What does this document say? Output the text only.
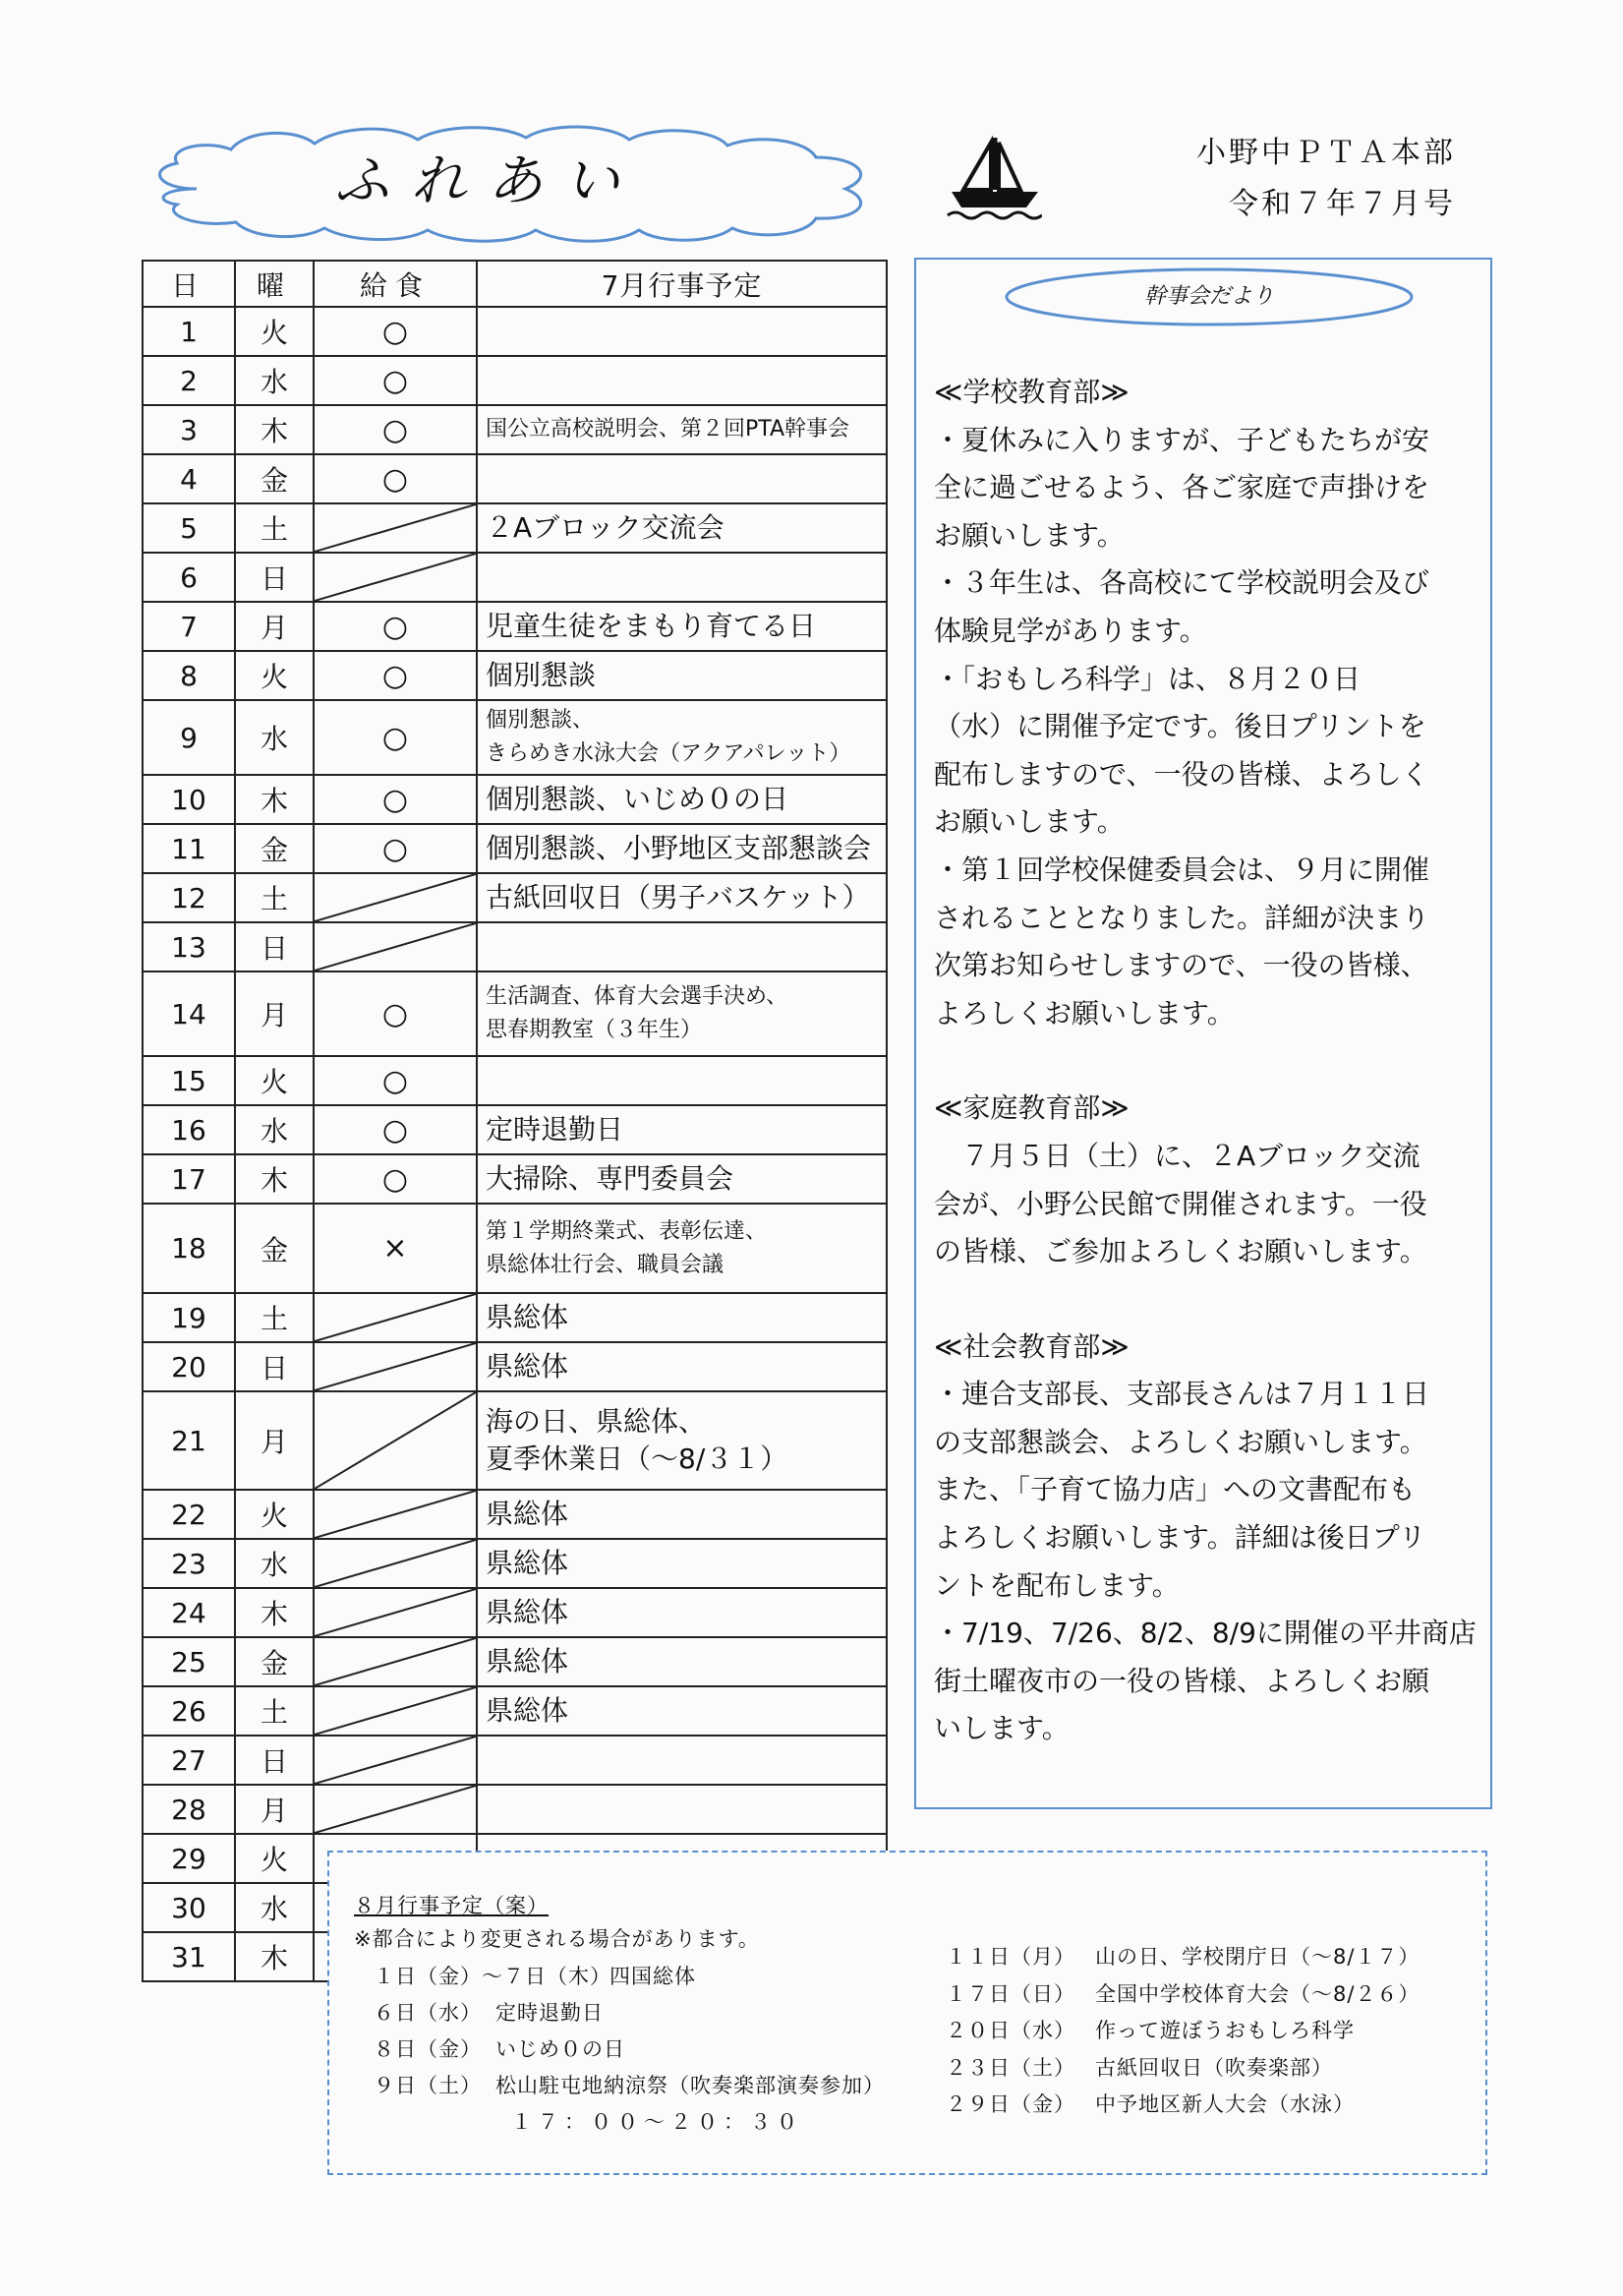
ふれあい	小野中ＰＴＡ本部
令和７年７月号
日	曜	給食	7月行事予定
1	火	○	
2	水	○	
3	木	○	国公立高校説明会、第２回PTA幹事会
4	金	○	
5	土		２Aブロック交流会
6	日	

7	月	○	児童生徒をまもり育てる日
8	火	○	個別懇談
9	水	○	個別懇談、
きらめき水泳大会（アクアパレット）
10	木	○	個別懇談、いじめ０の日
11	金	○	個別懇談、小野地区支部懇談会
12	土		古紙回収日（男子バスケット）
13	日	

14	月	○	生活調査、体育大会選手決め、
思春期教室（３年生）
15	火	○	
16	水	○	定時退勤日
17	木	○	大掃除、専門委員会
18	金	×	第１学期終業式、表彰伝達、
県総体壮行会、職員会議
19	土		県総体
20	日		県総体
21	月		海の日、県総体、
夏季休業日（～8/３１）
22	火		県総体
23	水		県総体
24	木		県総体
25	金		県総体
26	土		県総体
27	日	

28	月	

29	火		
30	水		
31	木		
幹事会だより

≪学校教育部≫

・夏休みに入りますが、子どもたちが安

全に過ごせるよう、各ご家庭で声掛けを

お願いします。

・３年生は、各高校にて学校説明会及び

体験見学があります。

・「おもしろ科学」は、８月２０日

（水）に開催予定です。後日プリントを

配布しますので、一役の皆様、よろしく

お願いします。

・第１回学校保健委員会は、９月に開催

されることとなりました。詳細が決まり

次第お知らせしますので、一役の皆様、

よろしくお願いします。

≪家庭教育部≫

　７月５日（土）に、２Aブロック交流

会が、小野公民館で開催されます。一役

の皆様、ご参加よろしくお願いします。

≪社会教育部≫

・連合支部長、支部長さんは７月１１日

の支部懇談会、よろしくお願いします。

また、「子育て協力店」への文書配布も

よろしくお願いします。詳細は後日プリ

ントを配布します。

・7/19、7/26、8/2、8/9に開催の平井商店

街土曜夜市の一役の皆様、よろしくお願

いします。

８月行事予定（案）
※都合により変更される場合があります。
１日（金）～７日（木）四国総体
６日（水） 定時退勤日
８日（金） いじめ０の日
９日（土） 松山駐屯地納涼祭（吹奏楽部演奏参加）
１７：００～２０：３０
１１日（月） 山の日、学校閉庁日（～8/１７）
１７日（日） 全国中学校体育大会（～8/２６）
２０日（水） 作って遊ぼうおもしろ科学
２３日（土） 古紙回収日（吹奏楽部）
２９日（金） 中予地区新人大会（水泳）
